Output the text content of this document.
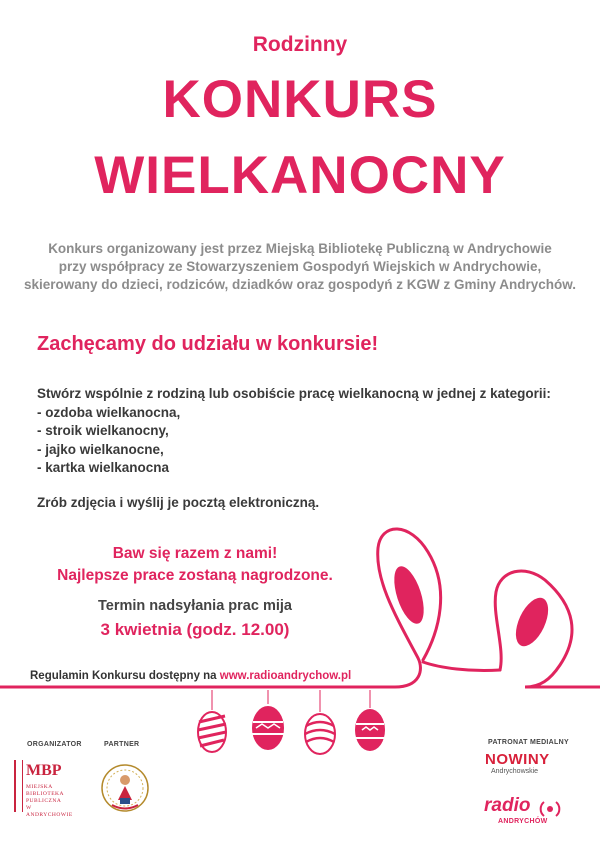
Rodzinny
KONKURS
WIELKANOCNY
Konkurs organizowany jest przez Miejską Bibliotekę Publiczną w Andrychowie
przy współpracy ze Stowarzyszeniem Gospodyń Wiejskich w Andrychowie,
skierowany do dzieci, rodziców, dziadków oraz gospodyń z KGW z Gminy Andrychów.
Zachęcamy do udziału w konkursie!
Stwórz wspólnie z rodziną lub osobiście pracę wielkanocną w jednej z kategorii:
- ozdoba wielkanocna,
- stroik wielkanocny,
- jajko wielkanocne,
- kartka wielkanocna
Zrób zdjęcia i wyślij je pocztą elektroniczną.
Baw się razem z nami!
Najlepsze prace zostaną nagrodzone.
Termin nadsyłania prac mija
3 kwietnia (godz. 12.00)
Regulamin Konkursu dostępny na www.radioandrychow.pl
ORGANIZATOR	PARTNER	PATRONAT MEDIALNY
MBP
MIEJSKA
BIBLIOTEKA
PUBLICZNA
W ANDRYCHOWIE
NOWINY
Andrychowskie
radio
ANDRYCHÓW
